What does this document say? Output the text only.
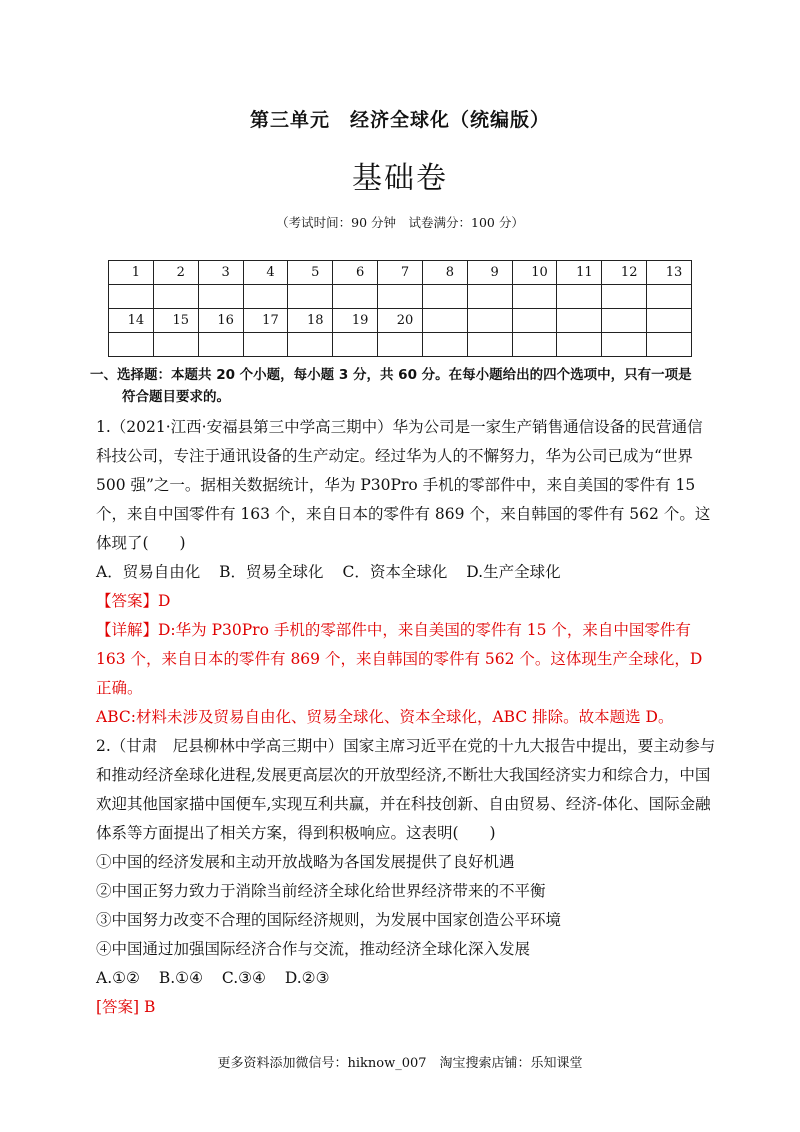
第三单元　经济全球化（统编版）
基础卷
（考试时间：90 分钟　试卷满分：100 分）
1	2	3	4	5	6	7	8	9	10	11	12	13

14	15	16	17	18	19	20						

一、选择题：本题共 20 个小题，每小题 3 分，共 60 分。在每小题给出的四个选项中，只有一项是
符合题目要求的。

1.（2021·江西·安福县第三中学高三期中）华为公司是一家生产销售通信设备的民营通信科技公司，专注于通讯设备的生产动定。经过华为人的不懈努力，华为公司已成为“世界 500 强”之一。据相关数据统计，华为 P30Pro 手机的零部件中，来自美国的零件有 15 个，来自中国零件有 163 个，来自日本的零件有 869 个，来自韩国的零件有 562 个。这体现了(　　)

A．贸易自由化 B．贸易全球化 C．资本全球化 D.生产全球化

【答案】D

【详解】D:华为 P30Pro 手机的零部件中，来自美国的零件有 15 个，来自中国零件有 163 个，来自日本的零件有 869 个，来自韩国的零件有 562 个。这体现生产全球化，D 正确。

ABC:材料未涉及贸易自由化、贸易全球化、资本全球化，ABC 排除。故本题选 D。

2.（甘肃　尼县柳林中学高三期中）国家主席习近平在党的十九大报告中提出，要主动参与和推动经济垒球化进程,发展更高层次的开放型经济,不断壮大我国经济实力和综合力，中国欢迎其他国家描中国便车,实现互利共赢，并在科技创新、自由贸易、经济-体化、国际金融体系等方面提出了相关方案，得到积极响应。这表明(　　)

①中国的经济发展和主动开放战略为各国发展提供了良好机遇

②中国正努力致力于消除当前经济全球化给世界经济带来的不平衡

③中国努力改变不合理的国际经济规则，为发展中国家创造公平环境

④中国通过加强国际经济合作与交流，推动经济全球化深入发展

A.①② B.①④ C.③④ D.②③

[答案] B

更多资料添加微信号：hiknow_007　淘宝搜索店铺：乐知课堂
